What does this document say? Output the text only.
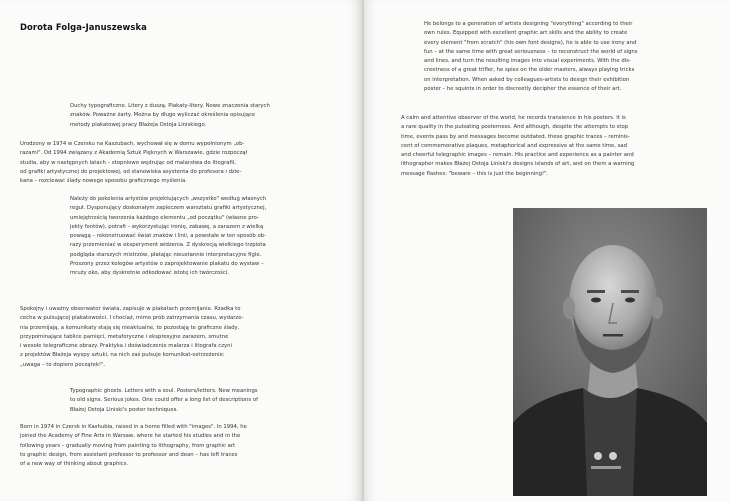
Dorota Folga-Januszewska
Duchy typograficzne. Litery z duszą. Plakaty-litery. Nowe znaczenia starych
znaków. Poważne żarty. Można by długo wyliczać określenia opisujące
metody plakatowej pracy Błażeja Ostoja Liniskiego.
Urodzony w 1974 w Czersku na Kaszubach, wychował się w domu wypełnionym „ob-
razami". Od 1994 związany z Akademią Sztuk Pięknych w Warszawie, gdzie rozpoczął
studia, aby w następnych latach – stopniowo wędrując od malarstwa do litografii,
od grafiki artystycznej do projektowej, od stanowiska asystenta do profesora i dzie-
kana – rozciewać ślady nowego sposobu graficznego myślenia.
Należy do pokolenia artystów projektujących „wszystko" według własnych
reguł. Dysponujący doskonałym zapleczem warsztatu grafiki artystycznej,
umiejętnością tworzenia każdego elementu „od początku" (własne pro-
jekty fontów), potrafi – wykorzystując ironię, zabawę, a zarazem z wielką
powagą – rekonstruować świat znaków i linii, a powstałe w ten sposób ob-
razy przemieniać w eksperyment widzenia. Z dyskrecją wielkiego trzpiota
podgląda starszych mistrzów, płatając nieustannie interpretacyjne figle.
Proszony przez kolegów artystów o zaprojektowanie plakatu do wystaw –
mruży oko, aby dyskretnie odkodować istotę ich twórczości.
Spokojny i uważny obserwator świata, zapisuje w plakatach przemijanie. Rzadka to
cecha w pulsującej plakatowości. I chociaż, mimo prób zatrzymania czasu, wydarze-
nia przemijają, a komunikaty stają się nieaktualne, to pozostają te graficzne ślady,
przypominające tablice pamięci, metaforyczne i ekspresyjne zarazem, smutne
i wesołe telegraficzne obrazy. Praktyka i doświadczenie malarza i litografa czyni
z projektów Błażeja wyspy sztuki, na nich zaś pulsuje komunikat-ostrzeżenie:
„uwaga – to dopiero początek!".
Typographic ghosts. Letters with a soul. Posters/letters. New meanings
to old signs. Serious jokes. One could offer a long list of descriptions of
Błażej Ostoja Liniski's poster techniques.
Born in 1974 in Czersk in Kashubia, raised in a home filled with "images". In 1994, he
joined the Academy of Fine Arts in Warsaw, where he started his studies and in the
following years – gradually moving from painting to lithography, from graphic art
to graphic design, from assistant professor to professor and dean – has left traces
of a new way of thinking about graphics.
He belongs to a generation of artists designing "everything" according to their
own rules. Equipped with excellent graphic art skills and the ability to create
every element "from scratch" (his own font designs), he is able to use irony and
fun – at the same time with great seriousness – to reconstruct the world of signs
and lines, and turn the resulting images into visual experiments. With the dis-
creetness of a great trifler, he spies on the older masters, always playing tricks
on interpretation. When asked by colleagues-artists to design their exhibition
poster – he squints in order to discreetly decipher the essence of their art.
A calm and attentive observer of the world, he records transience in his posters. It is
a rare quality in the pulsating posterness. And although, despite the attempts to stop
time, events pass by and messages become outdated, these graphic traces – reminis-
cent of commemorative plaques, metaphorical and expressive at the same time, sad
and cheerful telegraphic images – remain. His practice and experience as a painter and
lithographer makes Błażej Ostoja Liniski's designs islands of art, and on them a warning
message flashes: "beware – this is just the beginning!".
